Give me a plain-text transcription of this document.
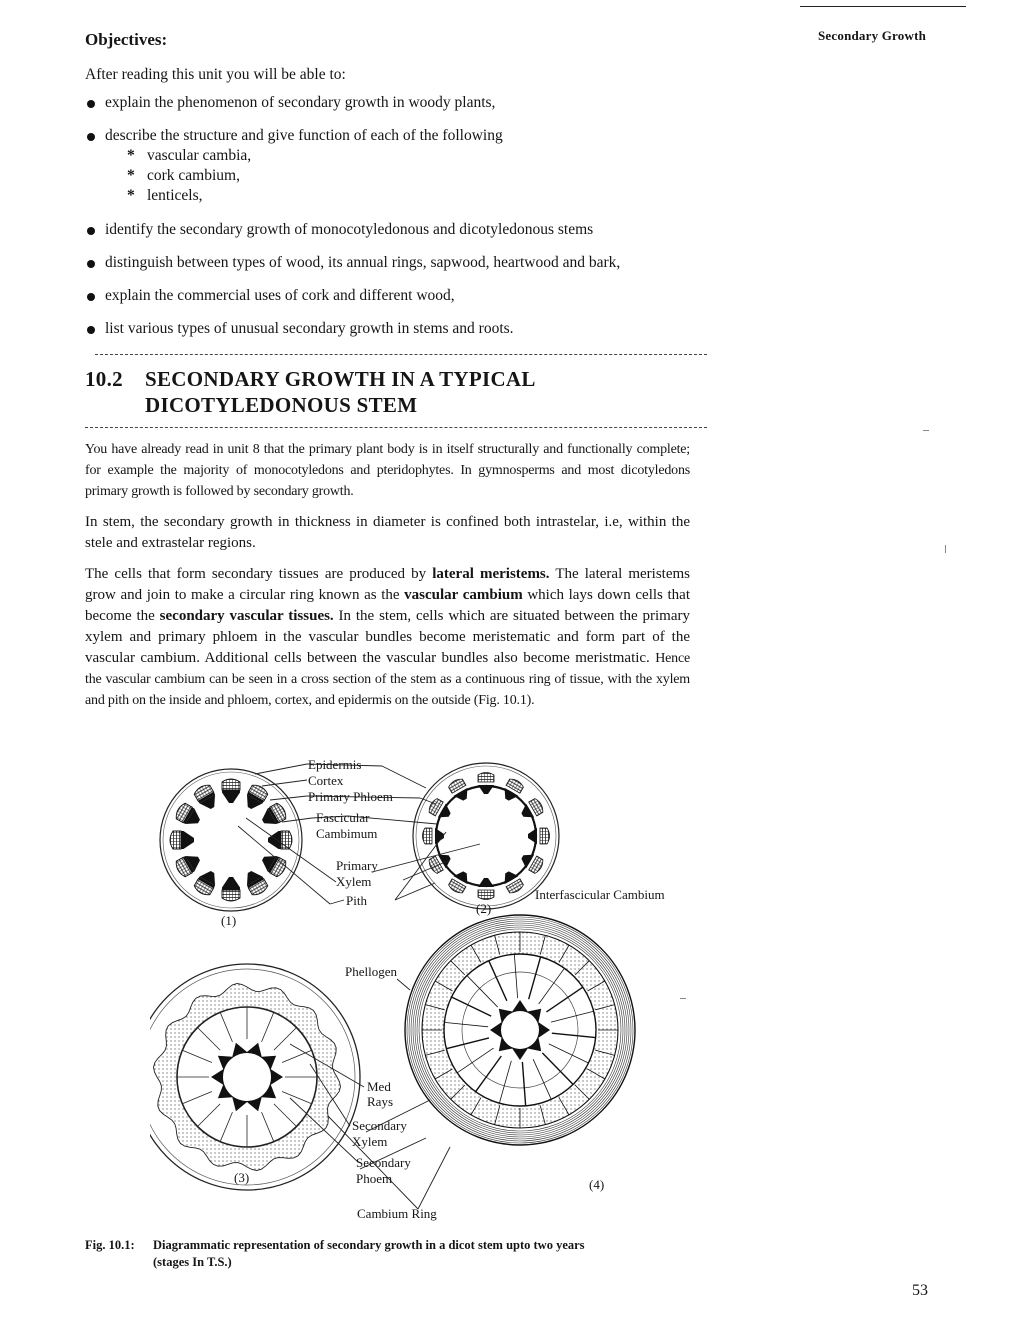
Secondary Growth
Objectives:
After reading this unit you will be able to:
explain the phenomenon of secondary growth in woody plants,
describe the structure and give function of each of the following
* vascular cambia,
* cork cambium,
* lenticels,
identify the secondary growth of monocotyledonous and dicotyledonous stems
distinguish between types of wood, its annual rings, sapwood, heartwood and bark,
explain the commercial uses of cork and different wood,
list various types of unusual secondary growth in stems and roots.
10.2 SECONDARY GROWTH IN A TYPICAL
DICOTYLEDONOUS STEM

You have already read in unit 8 that the primary plant body is in itself structurally and functionally complete; for example the majority of monocotyledons and pteridophytes. In gymnosperms and most dicotyledons primary growth is followed by secondary growth.

In stem, the secondary growth in thickness in diameter is confined both intrastelar, i.e, within the stele and extrastelar regions.

The cells that form secondary tissues are produced by lateral meristems. The lateral meristems grow and join to make a circular ring known as the vascular cambium which lays down cells that become the secondary vascular tissues. In the stem, cells which are situated between the primary xylem and primary phloem in the vascular bundles become meristematic and form part of the vascular cambium. Additional cells between the vascular bundles also become meristmatic. Hence the vascular cambium can be seen in a cross section of the stem as a continuous ring of tissue, with the xylem and pith on the inside and phloem, cortex, and epidermis on the outside (Fig. 10.1).

Epidermis
Cortex
Primary Phloem
Fascicular
Cambimum
Primary
Xylem
Pith	Interfascicular Cambium
Phellogen
Med
Rays
Secondary
Xylem
Secondary
Phoem
Cambium Ring
(1)
(2)
(3)	(4)
Fig. 10.1: Diagrammatic representation of secondary growth in a dicot stem upto two years
(stages In T.S.)
53
